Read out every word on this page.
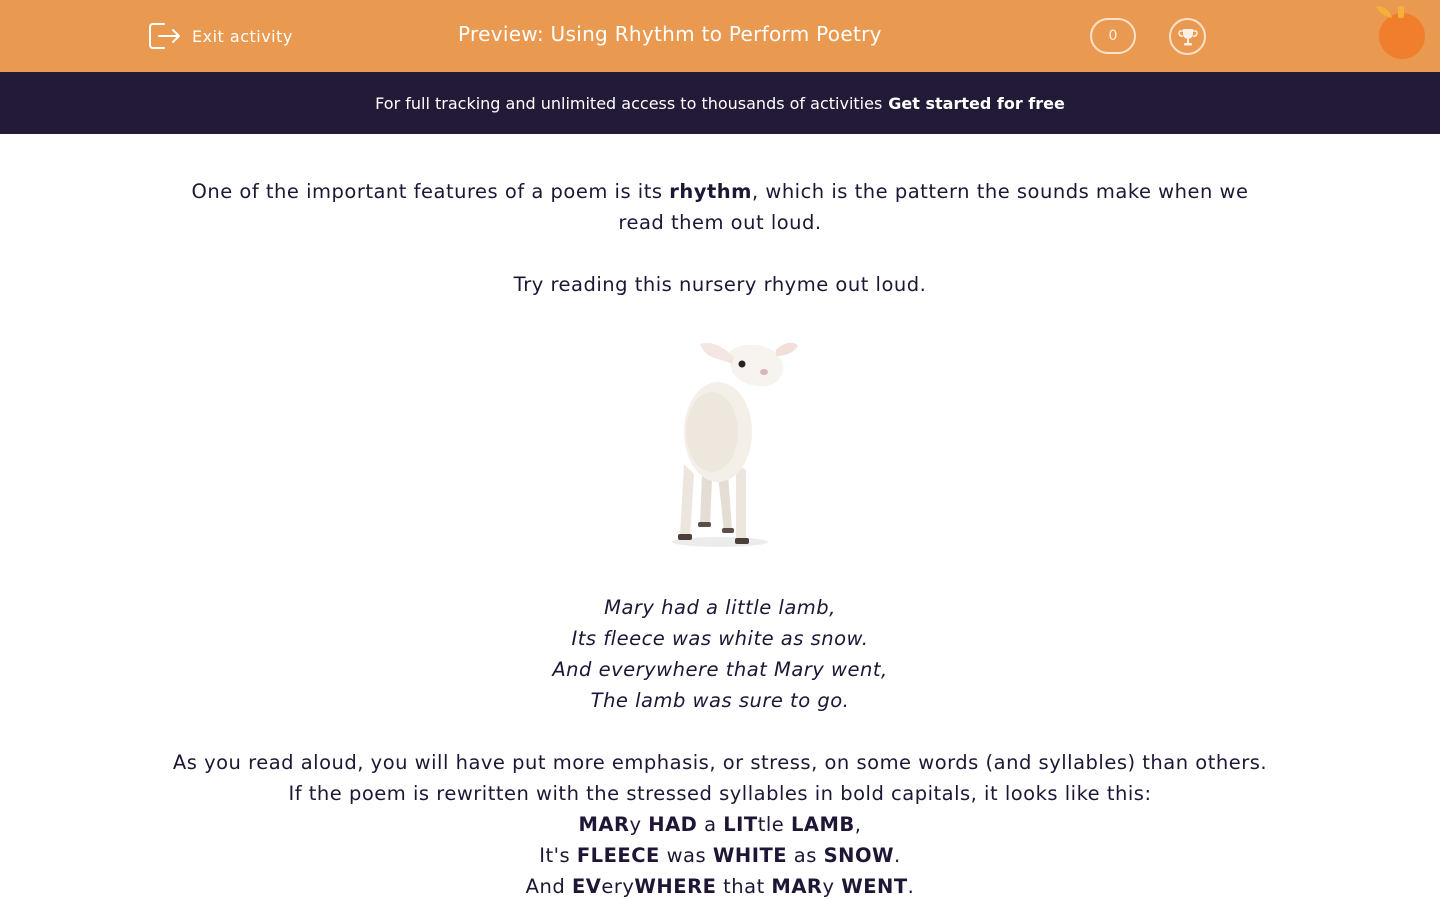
Exit activity	Preview: Using Rhythm to Perform Poetry	0
For full tracking and unlimited access to thousands of activities Get started for free

One of the important features of a poem is its rhythm, which is the pattern the sounds make when we read them out loud.

Try reading this nursery rhyme out loud.

Mary had a little lamb,

Its fleece was white as snow.

And everywhere that Mary went,

The lamb was sure to go.

As you read aloud, you will have put more emphasis, or stress, on some words (and syllables) than others.

If the poem is rewritten with the stressed syllables in bold capitals, it looks like this:

MARy HAD a LITtle LAMB,

It's FLEECE was WHITE as SNOW.

And EVeryWHERE that MARy WENT.
